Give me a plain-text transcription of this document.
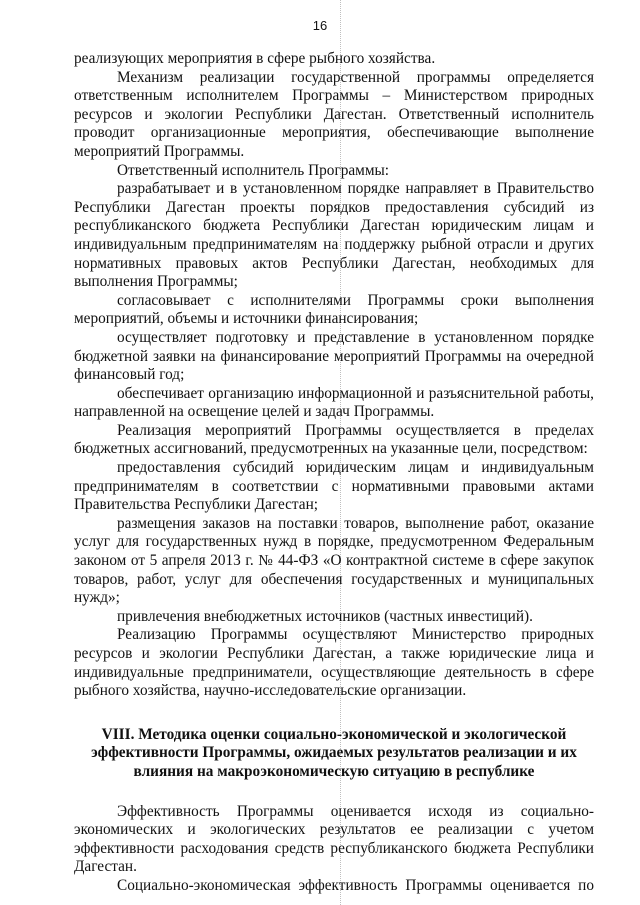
16

реализующих мероприятия в сфере рыбного хозяйства.

Механизм реализации государственной программы определяется ответственным исполнителем Программы – Министерством природных ресурсов и экологии Республики Дагестан. Ответственный исполнитель проводит организационные мероприятия, обеспечивающие выполнение мероприятий Программы.

Ответственный исполнитель Программы:

разрабатывает и в установленном порядке направляет в Правительство Республики Дагестан проекты порядков предоставления субсидий из республиканского бюджета Республики Дагестан юридическим лицам и индивидуальным предпринимателям на поддержку рыбной отрасли и других нормативных правовых актов Республики Дагестан, необходимых для выполнения Программы;

согласовывает с исполнителями Программы сроки выполнения мероприятий, объемы и источники финансирования;

осуществляет подготовку и представление в установленном порядке бюджетной заявки на финансирование мероприятий Программы на очередной финансовый год;

обеспечивает организацию информационной и разъяснительной работы, направленной на освещение целей и задач Программы.

Реализация мероприятий Программы осуществляется в пределах бюджетных ассигнований, предусмотренных на указанные цели, посредством:

предоставления субсидий юридическим лицам и индивидуальным предпринимателям в соответствии с нормативными правовыми актами Правительства Республики Дагестан;

размещения заказов на поставки товаров, выполнение работ, оказание услуг для государственных нужд в порядке, предусмотренном Федеральным законом от 5 апреля 2013 г. № 44-ФЗ «О контрактной системе в сфере закупок товаров, работ, услуг для обеспечения государственных и муниципальных нужд»;

привлечения внебюджетных источников (частных инвестиций).

Реализацию Программы осуществляют Министерство природных ресурсов и экологии Республики Дагестан, а также юридические лица и индивидуальные предприниматели, осуществляющие деятельность в сфере рыбного хозяйства, научно-исследовательские организации.

VIII. Методика оценки социально-экономической и экологической эффективности Программы, ожидаемых результатов реализации и их влияния на макроэкономическую ситуацию в республике

Эффективность Программы оценивается исходя из социально-экономических и экологических результатов ее реализации с учетом эффективности расходования средств республиканского бюджета Республики Дагестан.

Социально-экономическая эффективность Программы оценивается по
